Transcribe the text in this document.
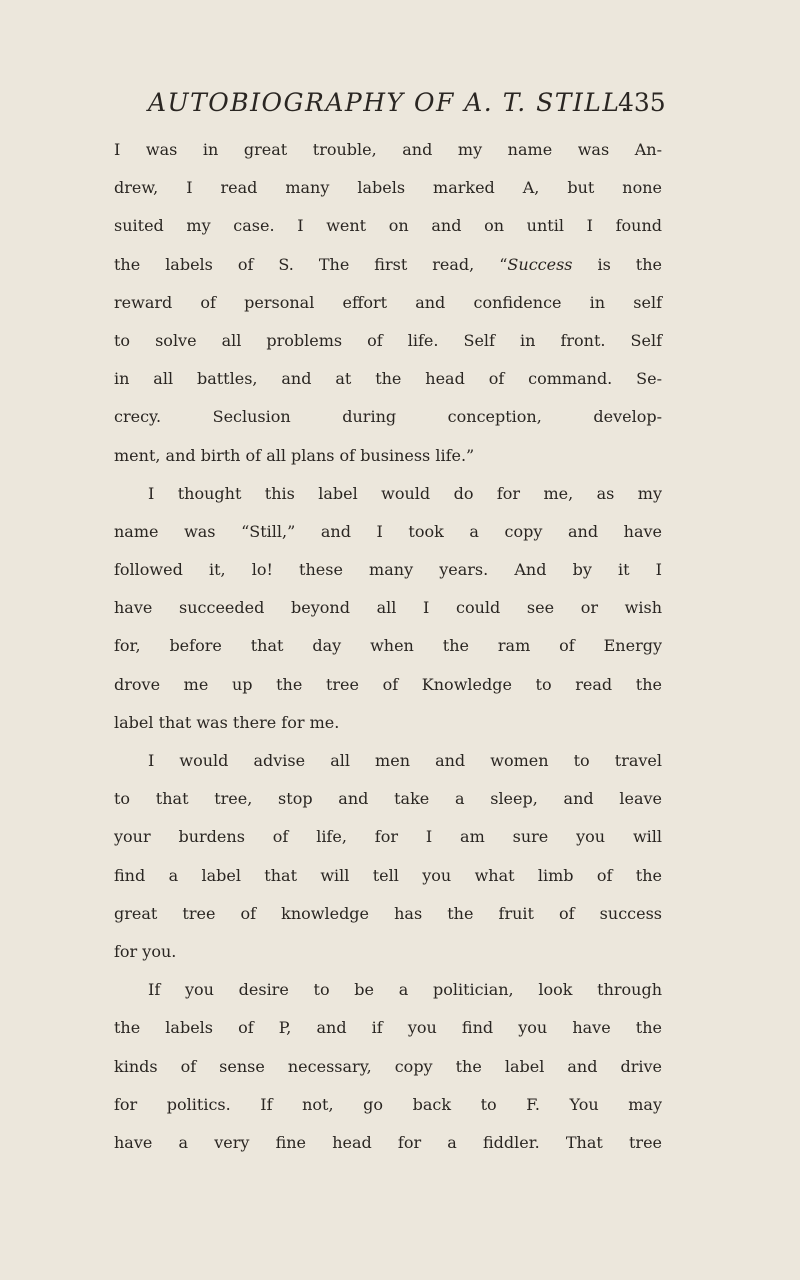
AUTOBIOGRAPHY OF A. T. STILL.
435
I was in great trouble, and my name was An-
drew, I read many labels marked A, but none
suited my case. I went on and on until I found
the labels of S. The first read, “Success is the
reward of personal effort and confidence in self
to solve all problems of life. Self in front. Self
in all battles, and at the head of command. Se-
crecy. Seclusion during conception, develop-
ment, and birth of all plans of business life.”
I thought this label would do for me, as my
name was “Still,” and I took a copy and have
followed it, lo! these many years. And by it I
have succeeded beyond all I could see or wish
for, before that day when the ram of Energy
drove me up the tree of Knowledge to read the
label that was there for me.
I would advise all men and women to travel
to that tree, stop and take a sleep, and leave
your burdens of life, for I am sure you will
find a label that will tell you what limb of the
great tree of knowledge has the fruit of success
for you.
If you desire to be a politician, look through
the labels of P, and if you find you have the
kinds of sense necessary, copy the label and drive
for politics. If not, go back to F. You may
have a very fine head for a fiddler. That tree
